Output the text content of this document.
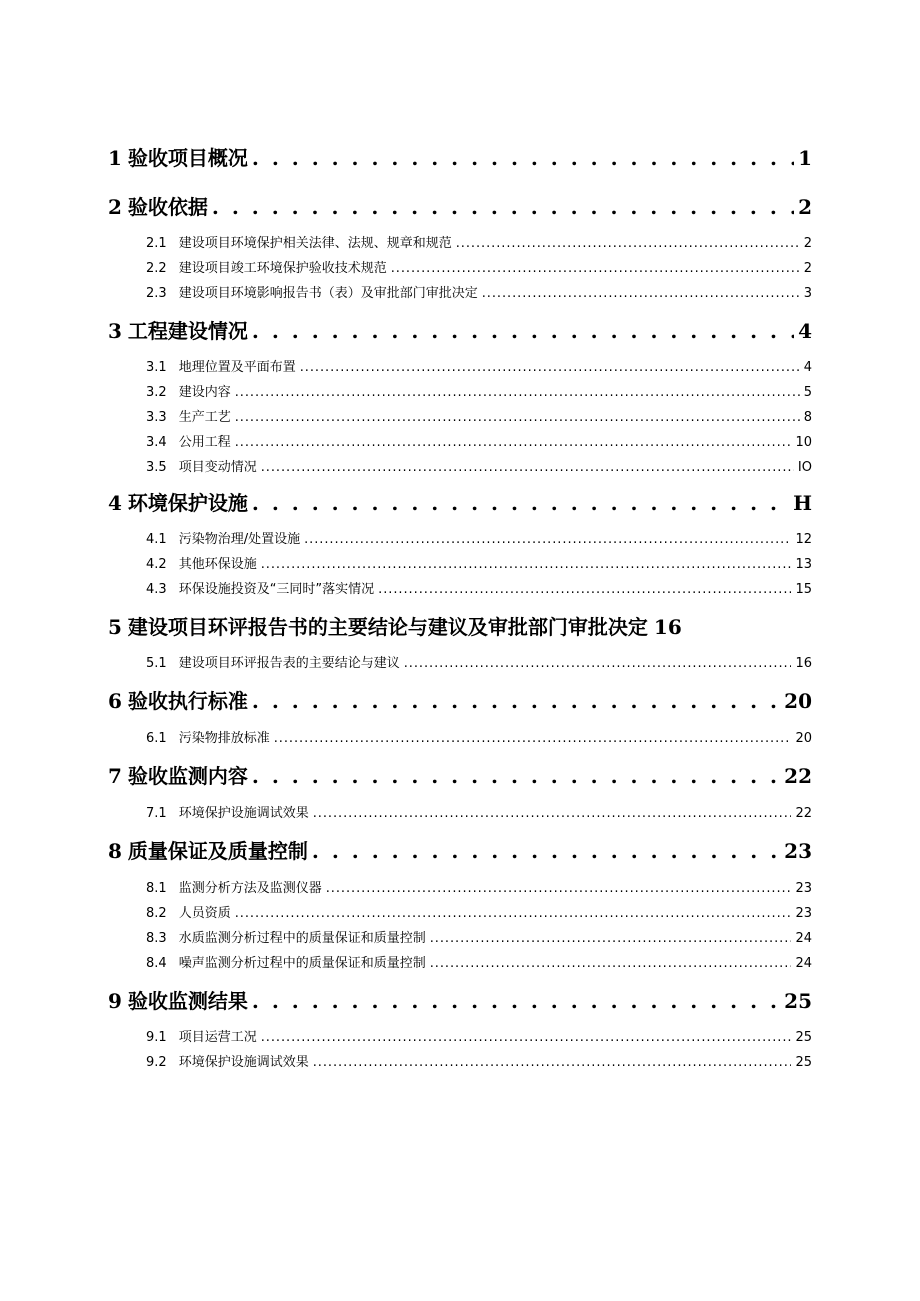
1 验收项目概况 . . .	1
2 验收依据 . . .	2
2.1 建设项目环境保护相关法律、法规、规章和规范 . . .	2
2.2 建设项目竣工环境保护验收技术规范 . . .	2
2.3 建设项目环境影响报告书（表）及审批部门审批决定 . . .	3
3 工程建设情况 . . .	4
3.1 地理位置及平面布置 . . .	4
3.2 建设内容 . . .	5
3.3 生产工艺 . . .	8
3.4 公用工程 . . .	10
3.5 项目变动情况 . . .	IO
4 环境保护设施 . . .	H
4.1 污染物治理/处置设施 . . .	12
4.2 其他环保设施 . . .	13
4.3 环保设施投资及“三同时”落实情况 . . .	15
5 建设项目环评报告书的主要结论与建议及审批部门审批决定 16
5.1 建设项目环评报告表的主要结论与建议 . . .	16
6 验收执行标准 . . .	20
6.1 污染物排放标准 . . .	20
7 验收监测内容 . . .	22
7.1 环境保护设施调试效果 . . .	22
8 质量保证及质量控制 . . .	23
8.1 监测分析方法及监测仪器 . . .	23
8.2 人员资质 . . .	23
8.3 水质监测分析过程中的质量保证和质量控制 . . .	24
8.4 噪声监测分析过程中的质量保证和质量控制 . . .	24
9 验收监测结果 . . .	25
9.1 项目运营工况 . . .	25
9.2 环境保护设施调试效果 . . .	25
